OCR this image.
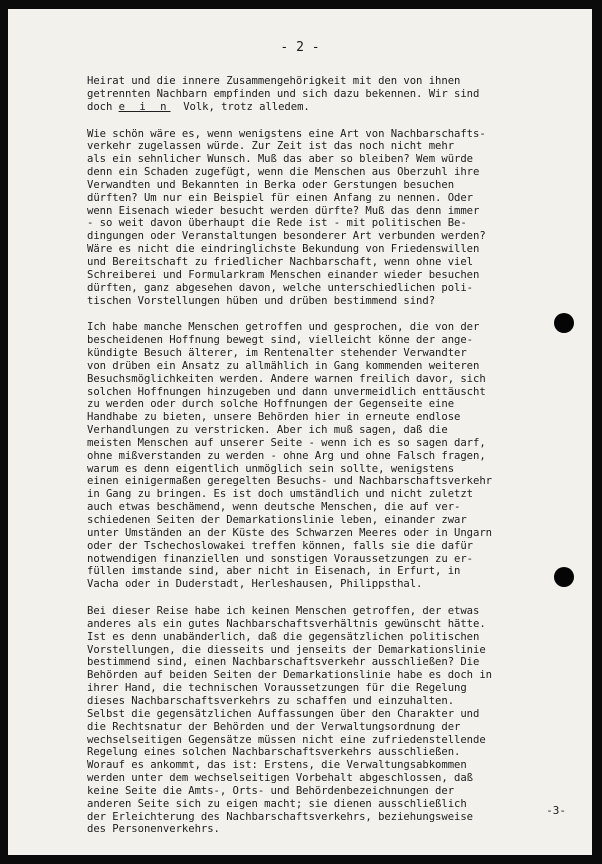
- 2 -
Heirat und die innere Zusammengehörigkeit mit den von ihnen
getrennten Nachbarn empfinden und sich dazu bekennen. Wir sind
doch e i n Volk, trotz alledem.
Wie schön wäre es, wenn wenigstens eine Art von Nachbarschafts-
verkehr zugelassen würde. Zur Zeit ist das noch nicht mehr
als ein sehnlicher Wunsch. Muß das aber so bleiben? Wem würde
denn ein Schaden zugefügt, wenn die Menschen aus Oberzuhl ihre
Verwandten und Bekannten in Berka oder Gerstungen besuchen
dürften? Um nur ein Beispiel für einen Anfang zu nennen. Oder
wenn Eisenach wieder besucht werden dürfte? Muß das denn immer
- so weit davon überhaupt die Rede ist - mit politischen Be-
dingungen oder Veranstaltungen besonderer Art verbunden werden?
Wäre es nicht die eindringlichste Bekundung von Friedenswillen
und Bereitschaft zu friedlicher Nachbarschaft, wenn ohne viel
Schreiberei und Formularkram Menschen einander wieder besuchen
dürften, ganz abgesehen davon, welche unterschiedlichen poli-
tischen Vorstellungen hüben und drüben bestimmend sind?
Ich habe manche Menschen getroffen und gesprochen, die von der
bescheidenen Hoffnung bewegt sind, vielleicht könne der ange-
kündigte Besuch älterer, im Rentenalter stehender Verwandter
von drüben ein Ansatz zu allmählich in Gang kommenden weiteren
Besuchsmöglichkeiten werden. Andere warnen freilich davor, sich
solchen Hoffnungen hinzugeben und dann unvermeidlich enttäuscht
zu werden oder durch solche Hoffnungen der Gegenseite eine
Handhabe zu bieten, unsere Behörden hier in erneute endlose
Verhandlungen zu verstricken. Aber ich muß sagen, daß die
meisten Menschen auf unserer Seite - wenn ich es so sagen darf,
ohne mißverstanden zu werden - ohne Arg und ohne Falsch fragen,
warum es denn eigentlich unmöglich sein sollte, wenigstens
einen einigermaßen geregelten Besuchs- und Nachbarschaftsverkehr
in Gang zu bringen. Es ist doch umständlich und nicht zuletzt
auch etwas beschämend, wenn deutsche Menschen, die auf ver-
schiedenen Seiten der Demarkationslinie leben, einander zwar
unter Umständen an der Küste des Schwarzen Meeres oder in Ungarn
oder der Tschechoslowakei treffen können, falls sie die dafür
notwendigen finanziellen und sonstigen Voraussetzungen zu er-
füllen imstande sind, aber nicht in Eisenach, in Erfurt, in
Vacha oder in Duderstadt, Herleshausen, Philippsthal.
Bei dieser Reise habe ich keinen Menschen getroffen, der etwas
anderes als ein gutes Nachbarschaftsverhältnis gewünscht hätte.
Ist es denn unabänderlich, daß die gegensätzlichen politischen
Vorstellungen, die diesseits und jenseits der Demarkationslinie
bestimmend sind, einen Nachbarschaftsverkehr ausschließen? Die
Behörden auf beiden Seiten der Demarkationslinie habe es doch in
ihrer Hand, die technischen Voraussetzungen für die Regelung
dieses Nachbarschaftsverkehrs zu schaffen und einzuhalten.
Selbst die gegensätzlichen Auffassungen über den Charakter und
die Rechtsnatur der Behörden und der Verwaltungsordnung der
wechselseitigen Gegensätze müssen nicht eine zufriedenstellende
Regelung eines solchen Nachbarschaftsverkehrs ausschließen.
Worauf es ankommt, das ist: Erstens, die Verwaltungsabkommen
werden unter dem wechselseitigen Vorbehalt abgeschlossen, daß
keine Seite die Amts-, Orts- und Behördenbezeichnungen der
anderen Seite sich zu eigen macht; sie dienen ausschließlich
der Erleichterung des Nachbarschaftsverkehrs, beziehungsweise
des Personenverkehrs.
-3-
